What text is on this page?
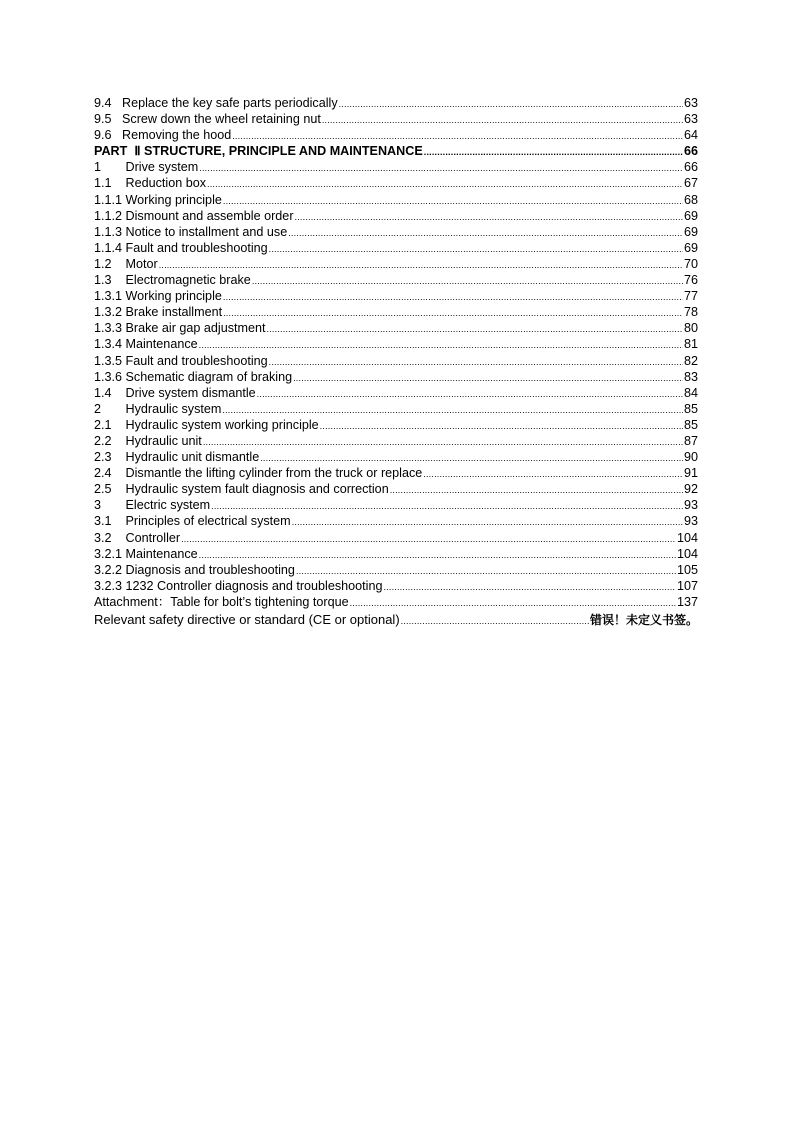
9.4   Replace the key safe parts periodically .....	63
9.5   Screw down the wheel retaining nut .....	63
9.6   Removing the hood .....	64
PART  Ⅱ STRUCTURE, PRINCIPLE AND MAINTENANCE .....	66
1       Drive system .....	66
1.1    Reduction box .....	67
1.1.1 Working principle .....	68
1.1.2 Dismount and assemble order .....	69
1.1.3 Notice to installment and use .....	69
1.1.4 Fault and troubleshooting .....	69
1.2    Motor .....	70
1.3    Electromagnetic brake .....	76
1.3.1 Working principle .....	77
1.3.2 Brake installment .....	78
1.3.3 Brake air gap adjustment .....	80
1.3.4 Maintenance .....	81
1.3.5 Fault and troubleshooting .....	82
1.3.6 Schematic diagram of braking .....	83
1.4    Drive system dismantle .....	84
2       Hydraulic system .....	85
2.1    Hydraulic system working principle .....	85
2.2    Hydraulic unit .....	87
2.3    Hydraulic unit dismantle .....	90
2.4    Dismantle the lifting cylinder from the truck or replace .....	91
2.5    Hydraulic system fault diagnosis and correction .....	92
3       Electric system .....	93
3.1    Principles of electrical system .....	93
3.2    Controller .....	104
3.2.1 Maintenance .....	104
3.2.2 Diagnosis and troubleshooting .....	105
3.2.3 1232 Controller diagnosis and troubleshooting .....	107
Attachment：Table for bolt’s tightening torque .....	137
Relevant safety directive or standard (CE or optional) .....	错误！未定义书签。
